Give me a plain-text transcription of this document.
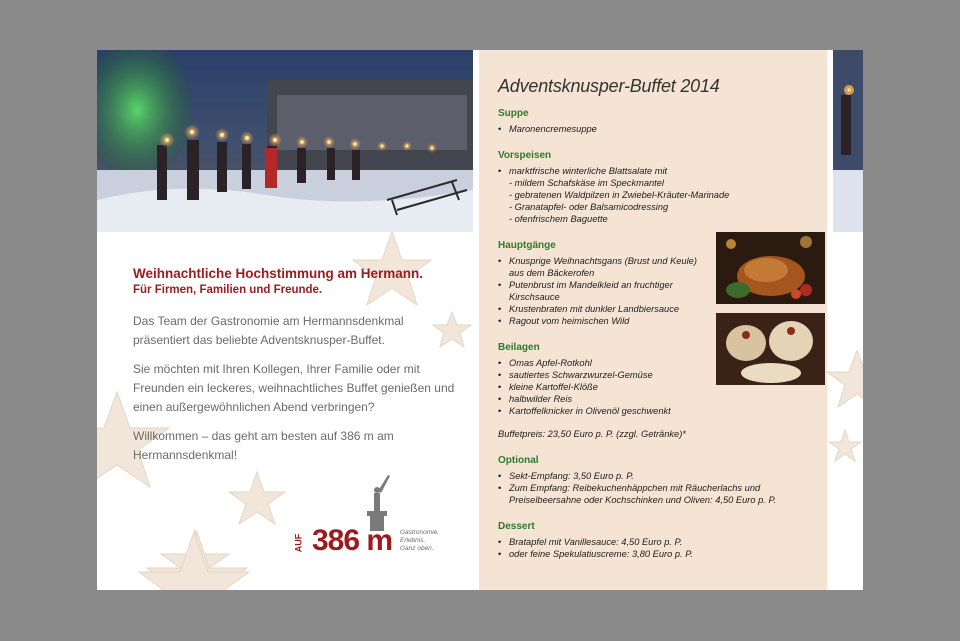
Weihnachtliche Hochstimmung am Hermann.

Für Firmen, Familien und Freunde.

Das Team der Gastronomie am Hermannsdenkmal präsentiert das beliebte Adventsknusper-Buffet.

Sie möchten mit Ihren Kollegen, Ihrer Familie oder mit Freunden ein leckeres, weihnachtliches Buffet genießen und einen außergewöhnlichen Abend verbringen?

Willkommen – das geht am besten auf 386 m am Hermannsdenkmal!

AUF 386 m Gastronomie.
Erlebnis.
Ganz oben.
Adventsknusper-Buffet 2014

Suppe

• Maronencremesuppe

Vorspeisen

• marktfrische winterliche Blattsalate mit
- mildem Schafskäse im Speckmantel
- gebratenen Waldpilzen in Zwiebel-Kräuter-Marinade
- Granatapfel- oder Balsamicodressing
- ofenfrischem Baguette

Hauptgänge

• Knusprige Weihnachtsgans (Brust und Keule) aus dem Bäckerofen
• Putenbrust im Mandelkleid an fruchtiger Kirschsauce
• Krustenbraten mit dunkler Landbiersauce
• Ragout vom heimischen Wild

Beilagen

• Omas Apfel-Rotkohl
• sautiertes Schwarzwurzel-Gemüse
• kleine Kartoffel-Klöße
• halbwilder Reis
• Kartoffelknicker in Olivenöl geschwenkt
Buffetpreis: 23,50 Euro p. P. (zzgl. Getränke)*

Optional

• Sekt-Empfang: 3,50 Euro p. P.
• Zum Empfang: Reibekuchenhäppchen mit Räucherlachs und Preiselbeersahne oder Kochschinken und Oliven: 4,50 Euro p. P.

Dessert

• Bratapfel mit Vanillesauce: 4,50 Euro p. P.
• oder feine Spekulatiuscreme: 3,80 Euro p. P.
